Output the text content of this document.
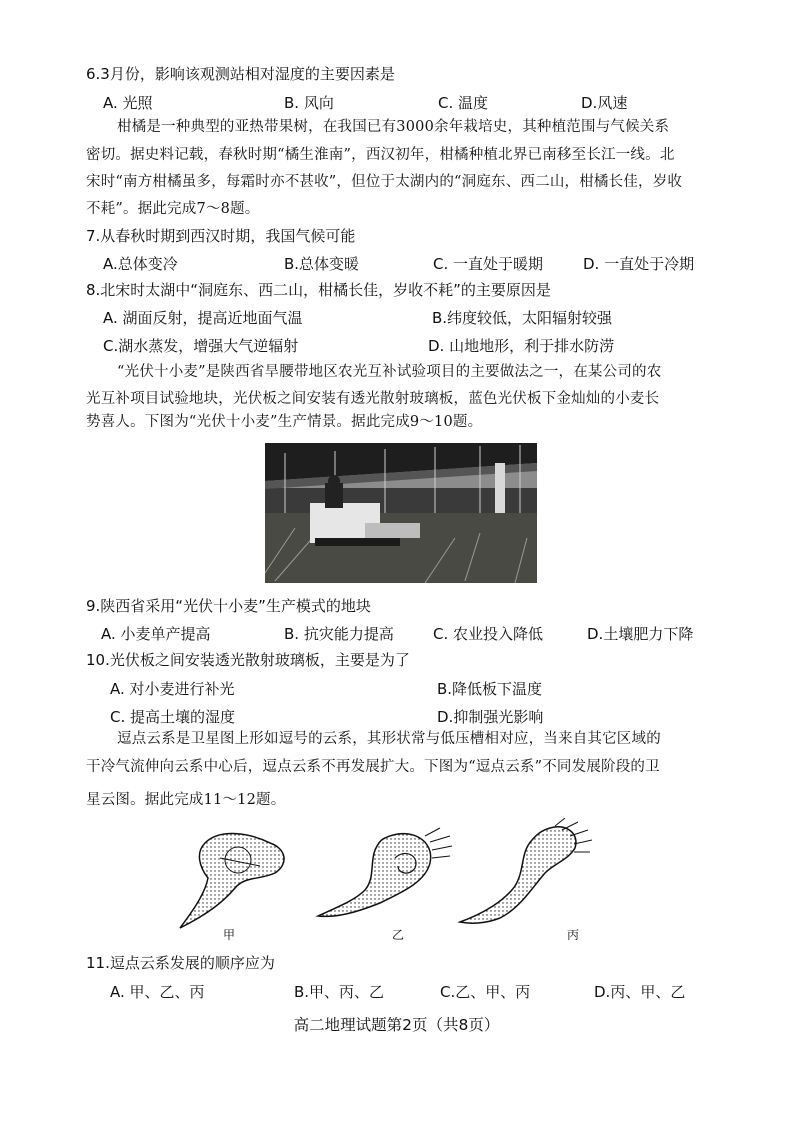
6.3月份，影响该观测站相对湿度的主要因素是
A. 光照	B. 风向	C. 温度	D.风速
柑橘是一种典型的亚热带果树，在我国已有3000余年栽培史，其种植范围与气候关系
密切。据史料记载，春秋时期“橘生淮南”，西汉初年，柑橘种植北界已南移至长江一线。北
宋时“南方柑橘虽多，每霜时亦不甚收”，但位于太湖内的“洞庭东、西二山，柑橘长佳，岁收
不耗”。据此完成7～8题。
7.从春秋时期到西汉时期，我国气候可能
A.总体变冷	B.总体变暖	C. 一直处于暖期	D. 一直处于冷期
8.北宋时太湖中“洞庭东、西二山，柑橘长佳，岁收不耗”的主要原因是
A. 湖面反射，提高近地面气温	B.纬度较低，太阳辐射较强
C.湖水蒸发，增强大气逆辐射	D. 山地地形，利于排水防涝
“光伏十小麦”是陕西省旱腰带地区农光互补试验项目的主要做法之一，在某公司的农
光互补项目试验地块，光伏板之间安装有透光散射玻璃板，蓝色光伏板下金灿灿的小麦长
势喜人。下图为“光伏十小麦”生产情景。据此完成9～10题。
9.陕西省采用“光伏十小麦”生产模式的地块
A. 小麦单产提高	B. 抗灾能力提高	C. 农业投入降低	D.土壤肥力下降
10.光伏板之间安装透光散射玻璃板，主要是为了
A. 对小麦进行补光	B.降低板下温度
C. 提高土壤的湿度	D.抑制强光影响
逗点云系是卫星图上形如逗号的云系，其形状常与低压槽相对应，当来自其它区域的
干冷气流伸向云系中心后，逗点云系不再发展扩大。下图为“逗点云系”不同发展阶段的卫
星云图。据此完成11～12题。
甲	乙	丙
11.逗点云系发展的顺序应为
A. 甲、乙、丙	B.甲、丙、乙	C.乙、甲、丙	D.丙、甲、乙
高二地理试题第2页（共8页）
